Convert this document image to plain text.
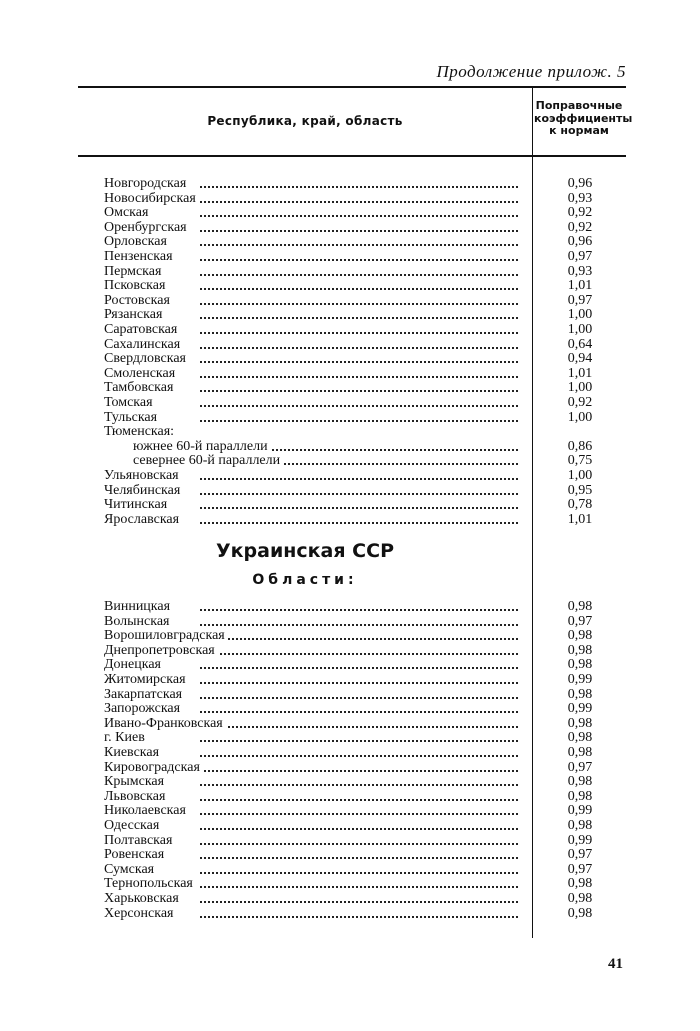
Продолжение прилож. 5
Республика, край, область
Поправочные
коэффициенты
к нормам
Новгородская	0,96
Новосибирская	0,93
Омская	0,92
Оренбургская	0,92
Орловская	0,96
Пензенская	0,97
Пермская	0,93
Псковская	1,01
Ростовская	0,97
Рязанская	1,00
Саратовская	1,00
Сахалинская	0,64
Свердловская	0,94
Смоленская	1,01
Тамбовская	1,00
Томская	0,92
Тульская	1,00
Тюменская:
южнее 60-й параллели	0,86
севернее 60-й параллели	0,75
Ульяновская	1,00
Челябинская	0,95
Читинская	0,78
Ярославская	1,01
Украинская ССР
Области:
Винницкая	0,98
Волынская	0,97
Ворошиловградская	0,98
Днепропетровская	0,98
Донецкая	0,98
Житомирская	0,99
Закарпатская	0,98
Запорожская	0,99
Ивано-Франковская	0,98
г. Киев	0,98
Киевская	0,98
Кировоградская	0,97
Крымская	0,98
Львовская	0,98
Николаевская	0,99
Одесская	0,98
Полтавская	0,99
Ровенская	0,97
Сумская	0,97
Тернопольская	0,98
Харьковская	0,98
Херсонская	0,98
41
